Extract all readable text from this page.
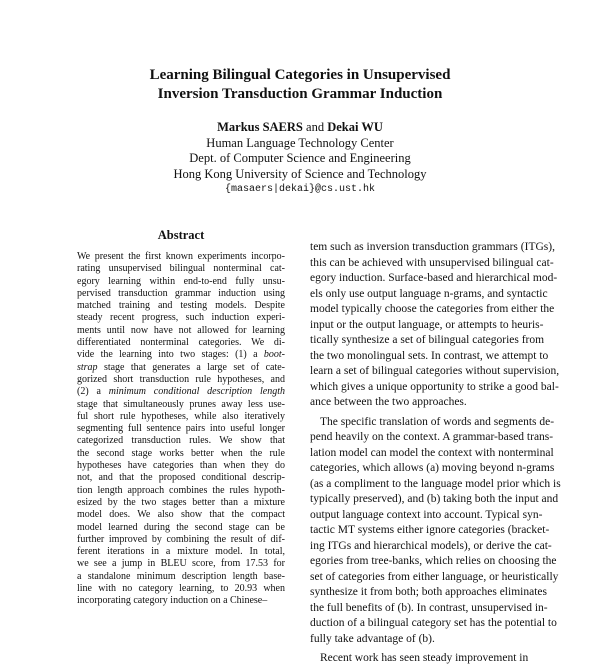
Learning Bilingual Categories in Unsupervised
Inversion Transduction Grammar Induction
Markus SAERS and Dekai WU
Human Language Technology Center
Dept. of Computer Science and Engineering
Hong Kong University of Science and Technology
{masaers|dekai}@cs.ust.hk
Abstract
We present the first known experiments incorpo-
rating unsupervised bilingual nonterminal cat-
egory learning within end-to-end fully unsu-
pervised transduction grammar induction using
matched training and testing models. Despite
steady recent progress, such induction experi-
ments until now have not allowed for learning
differentiated nonterminal categories. We di-
vide the learning into two stages: (1) a boot-
strap stage that generates a large set of cate-
gorized short transduction rule hypotheses, and
(2) a minimum conditional description length
stage that simultaneously prunes away less use-
ful short rule hypotheses, while also iteratively
segmenting full sentence pairs into useful longer
categorized transduction rules. We show that
the second stage works better when the rule
hypotheses have categories than when they do
not, and that the proposed conditional descrip-
tion length approach combines the rules hypoth-
esized by the two stages better than a mixture
model does. We also show that the compact
model learned during the second stage can be
further improved by combining the result of dif-
ferent iterations in a mixture model. In total,
we see a jump in BLEU score, from 17.53 for
a standalone minimum description length base-
line with no category learning, to 20.93 when
incorporating category induction on a Chinese–
tem such as inversion transduction grammars (ITGs),
this can be achieved with unsupervised bilingual cat-
egory induction. Surface-based and hierarchical mod-
els only use output language n-grams, and syntactic
model typically choose the categories from either the
input or the output language, or attempts to heuris-
tically synthesize a set of bilingual categories from
the two monolingual sets. In contrast, we attempt to
learn a set of bilingual categories without supervision,
which gives a unique opportunity to strike a good bal-
ance between the two approaches.
The specific translation of words and segments de-
pend heavily on the context. A grammar-based trans-
lation model can model the context with nonterminal
categories, which allows (a) moving beyond n-grams
(as a compliment to the language model prior which is
typically preserved), and (b) taking both the input and
output language context into account. Typical syn-
tactic MT systems either ignore categories (bracket-
ing ITGs and hierarchical models), or derive the cat-
egories from tree-banks, which relies on choosing the
set of categories from either language, or heuristically
synthesize it from both; both approaches eliminates
the full benefits of (b). In contrast, unsupervised in-
duction of a bilingual category set has the potential to
fully take advantage of (b).
Recent work has seen steady improvement in
